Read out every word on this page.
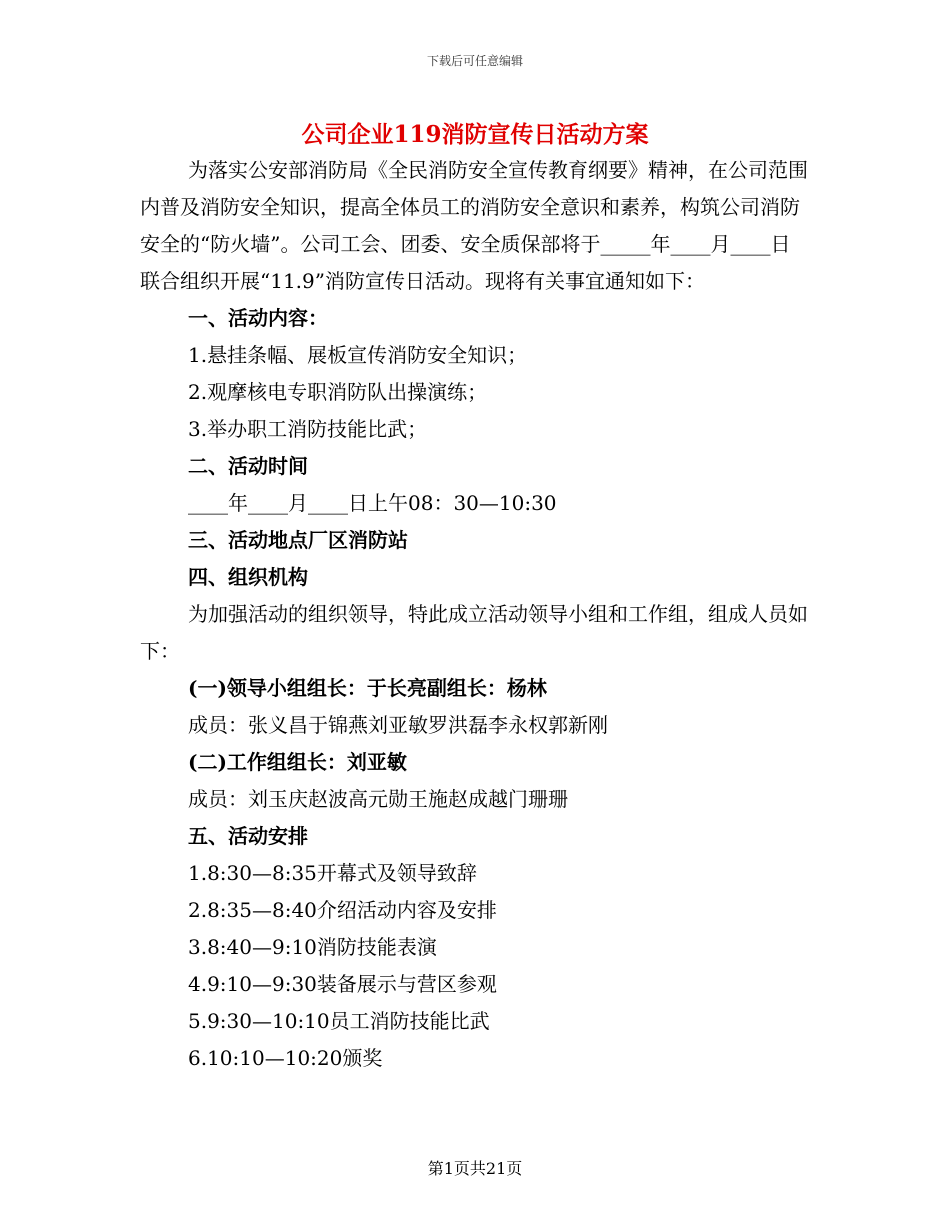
下载后可任意编辑
公司企业119消防宣传日活动方案

为落实公安部消防局《全民消防安全宣传教育纲要》精神，在公司范围内普及消防安全知识，提高全体员工的消防安全意识和素养，构筑公司消防安全的“防火墙”。公司工会、团委、安全质保部将于_____年____月____日联合组织开展“11.9”消防宣传日活动。现将有关事宜通知如下：

一、活动内容：

1.悬挂条幅、展板宣传消防安全知识；

2.观摩核电专职消防队出操演练；

3.举办职工消防技能比武；

二、活动时间

____年____月____日上午08：30—10:30

三、活动地点厂区消防站

四、组织机构

为加强活动的组织领导，特此成立活动领导小组和工作组，组成人员如下：

(一)领导小组组长：于长亮副组长：杨林

成员：张义昌于锦燕刘亚敏罗洪磊李永权郭新刚

(二)工作组组长：刘亚敏

成员：刘玉庆赵波高元勋王施赵成越门珊珊

五、活动安排

1.8:30—8:35开幕式及领导致辞

2.8:35—8:40介绍活动内容及安排

3.8:40—9:10消防技能表演

4.9:10—9:30装备展示与营区参观

5.9:30—10:10员工消防技能比武

6.10:10—10:20颁奖

第1页共21页
